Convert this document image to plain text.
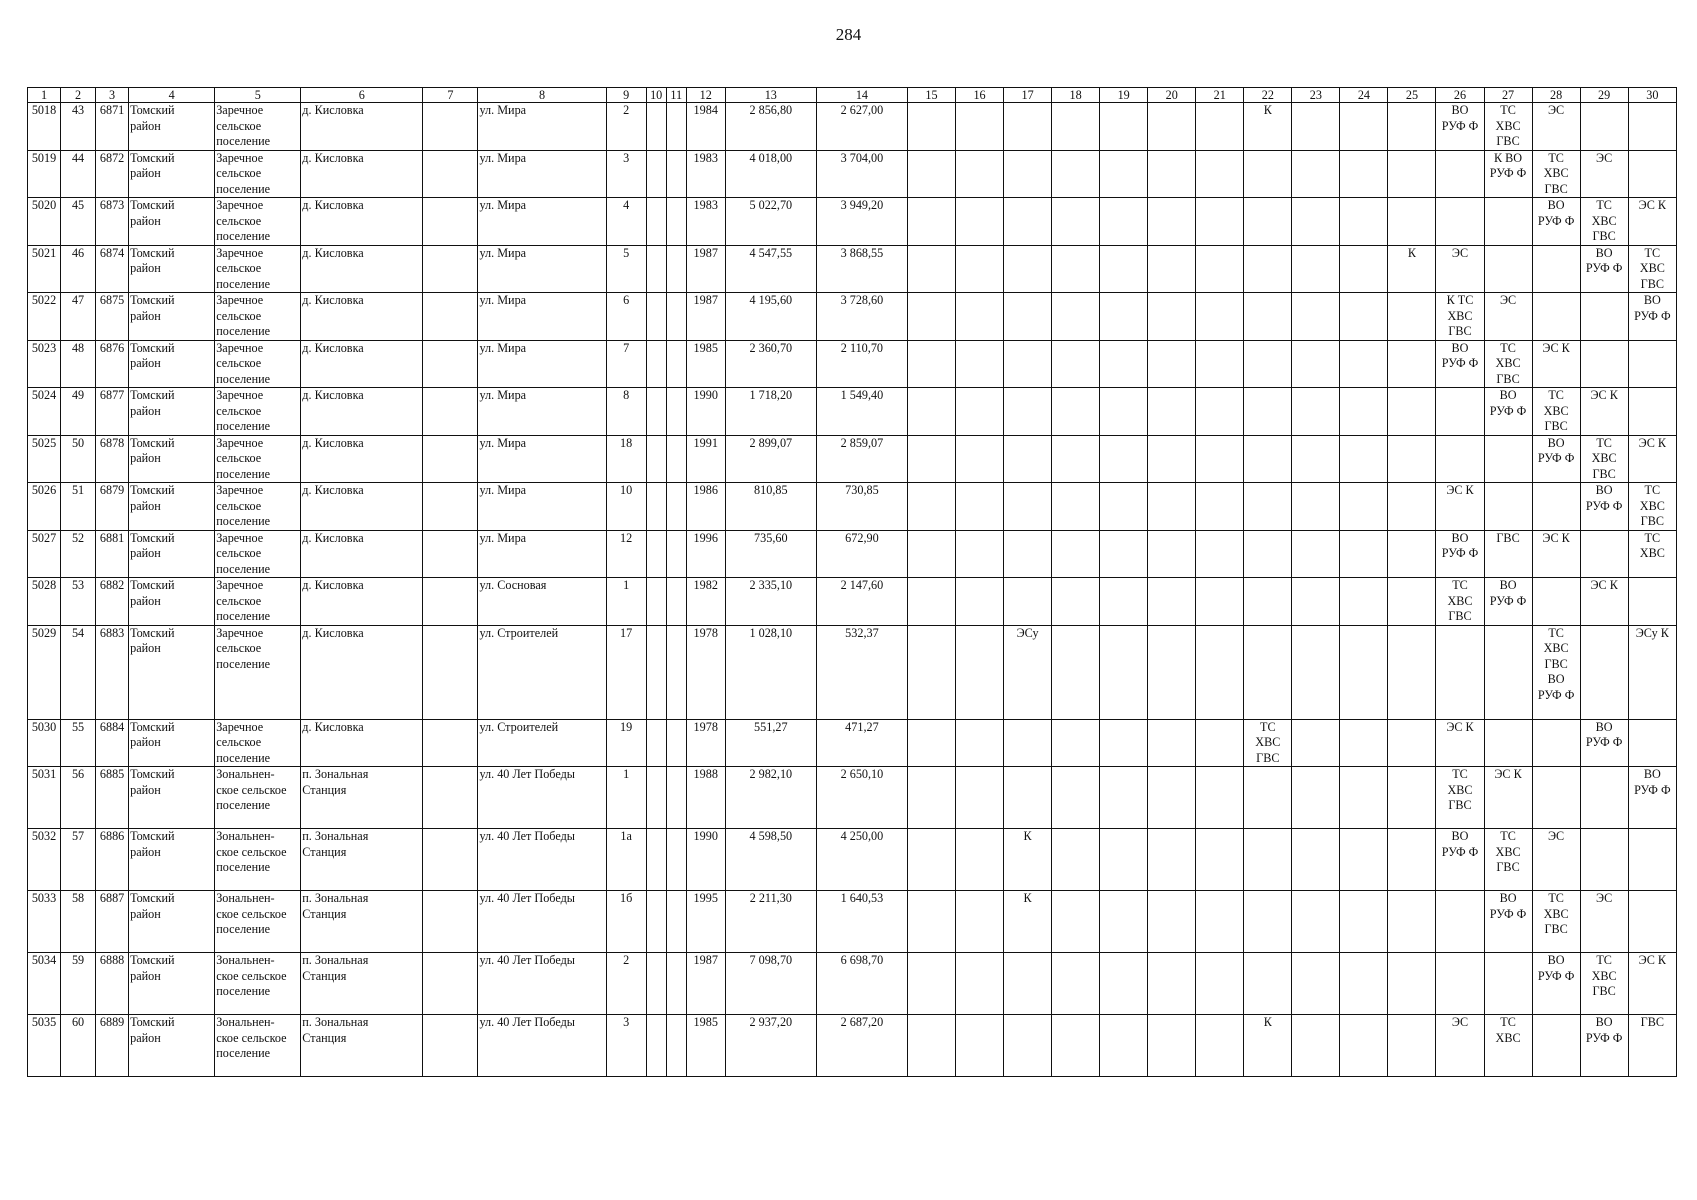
284
1	2	3	4	5	6	7	8	9	10	11	12	13	14	15	16	17	18	19	20	21	22	23	24	25	26	27	28	29	30
5018	43	6871	Томский
район	Заречное
сельское
поселение	д. Кисловка		ул. Мира	2			1984	2 856,80	2 627,00								К				ВО
РУФ Ф	ТС
ХВС
ГВС	ЭС		
5019	44	6872	Томский
район	Заречное
сельское
поселение	д. Кисловка		ул. Мира	3			1983	4 018,00	3 704,00													К ВО
РУФ Ф	ТС
ХВС
ГВС	ЭС	
5020	45	6873	Томский
район	Заречное
сельское
поселение	д. Кисловка		ул. Мира	4			1983	5 022,70	3 949,20														ВО
РУФ Ф	ТС
ХВС
ГВС	ЭС К
5021	46	6874	Томский
район	Заречное
сельское
поселение	д. Кисловка		ул. Мира	5			1987	4 547,55	3 868,55											К	ЭС			ВО
РУФ Ф	ТС
ХВС
ГВС
5022	47	6875	Томский
район	Заречное
сельское
поселение	д. Кисловка		ул. Мира	6			1987	4 195,60	3 728,60												К ТС
ХВС
ГВС	ЭС			ВО
РУФ Ф
5023	48	6876	Томский
район	Заречное
сельское
поселение	д. Кисловка		ул. Мира	7			1985	2 360,70	2 110,70												ВО
РУФ Ф	ТС
ХВС
ГВС	ЭС К		
5024	49	6877	Томский
район	Заречное
сельское
поселение	д. Кисловка		ул. Мира	8			1990	1 718,20	1 549,40													ВО
РУФ Ф	ТС
ХВС
ГВС	ЭС К	
5025	50	6878	Томский
район	Заречное
сельское
поселение	д. Кисловка		ул. Мира	18			1991	2 899,07	2 859,07														ВО
РУФ Ф	ТС
ХВС
ГВС	ЭС К
5026	51	6879	Томский
район	Заречное
сельское
поселение	д. Кисловка		ул. Мира	10			1986	810,85	730,85												ЭС К			ВО
РУФ Ф	ТС
ХВС
ГВС
5027	52	6881	Томский
район	Заречное
сельское
поселение	д. Кисловка		ул. Мира	12			1996	735,60	672,90												ВО
РУФ Ф	ГВС	ЭС К		ТС
ХВС
5028	53	6882	Томский
район	Заречное
сельское
поселение	д. Кисловка		ул. Сосновая	1			1982	2 335,10	2 147,60												ТС
ХВС
ГВС	ВО
РУФ Ф		ЭС К	
5029	54	6883	Томский
район	Заречное
сельское
поселение	д. Кисловка		ул. Строителей	17			1978	1 028,10	532,37			ЭСу											ТС
ХВС
ГВС
ВО
РУФ Ф		ЭСу К
5030	55	6884	Томский
район	Заречное
сельское
поселение	д. Кисловка		ул. Строителей	19			1978	551,27	471,27								ТС
ХВС
ГВС				ЭС К			ВО
РУФ Ф	
5031	56	6885	Томский
район	Зональнен-
ское сельское
поселение	п. Зональная
Станция		ул. 40 Лет Победы	1			1988	2 982,10	2 650,10												ТС
ХВС
ГВС	ЭС К			ВО
РУФ Ф
5032	57	6886	Томский
район	Зональнен-
ское сельское
поселение	п. Зональная
Станция		ул. 40 Лет Победы	1а			1990	4 598,50	4 250,00			К									ВО
РУФ Ф	ТС
ХВС
ГВС	ЭС		
5033	58	6887	Томский
район	Зональнен-
ское сельское
поселение	п. Зональная
Станция		ул. 40 Лет Победы	1б			1995	2 211,30	1 640,53			К										ВО
РУФ Ф	ТС
ХВС
ГВС	ЭС	
5034	59	6888	Томский
район	Зональнен-
ское сельское
поселение	п. Зональная
Станция		ул. 40 Лет Победы	2			1987	7 098,70	6 698,70														ВО
РУФ Ф	ТС
ХВС
ГВС	ЭС К
5035	60	6889	Томский
район	Зональнен-
ское сельское
поселение	п. Зональная
Станция		ул. 40 Лет Победы	3			1985	2 937,20	2 687,20								К				ЭС	ТС
ХВС		ВО
РУФ Ф	ГВС
